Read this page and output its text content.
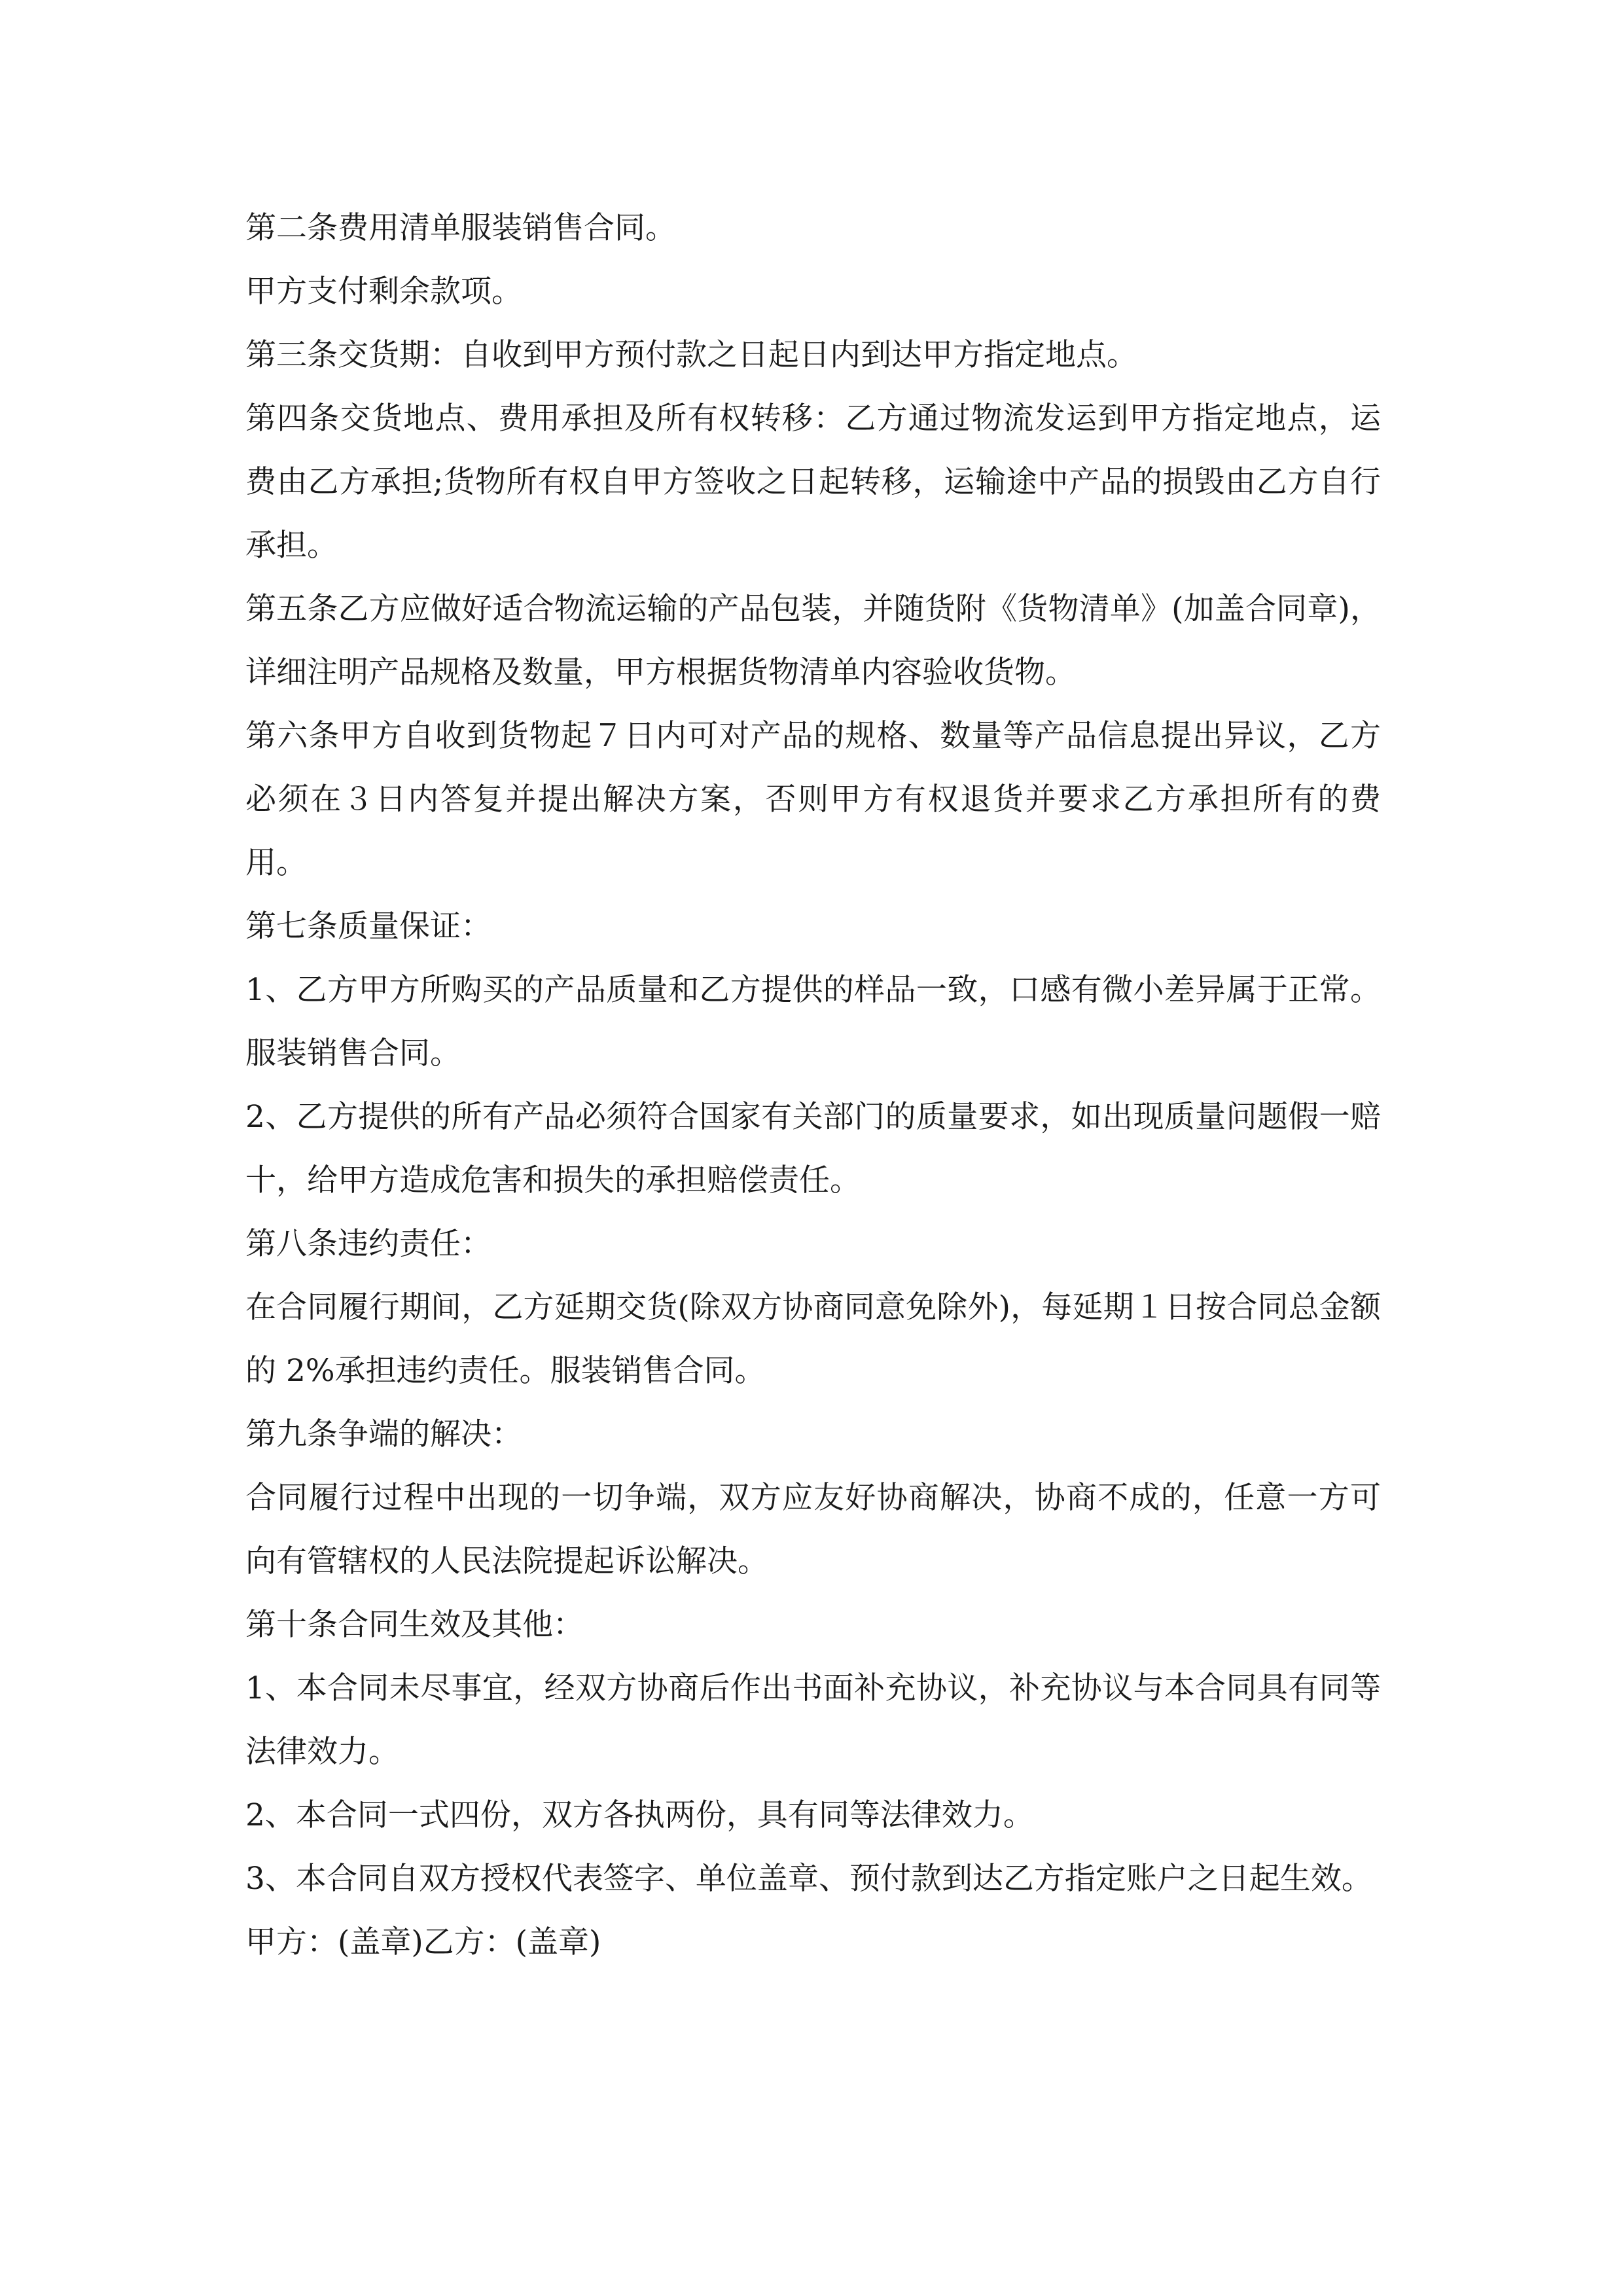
第二条费用清单服装销售合同。

甲方支付剩余款项。

第三条交货期：自收到甲方预付款之日起日内到达甲方指定地点。

第四条交货地点、费用承担及所有权转移：乙方通过物流发运到甲方指定地点，运费由乙方承担;货物所有权自甲方签收之日起转移，运输途中产品的损毁由乙方自行承担。

第五条乙方应做好适合物流运输的产品包装，并随货附《货物清单》(加盖合同章)，详细注明产品规格及数量，甲方根据货物清单内容验收货物。

第六条甲方自收到货物起７日内可对产品的规格、数量等产品信息提出异议，乙方必须在３日内答复并提出解决方案，否则甲方有权退货并要求乙方承担所有的费用。

第七条质量保证：

1、乙方甲方所购买的产品质量和乙方提供的样品一致，口感有微小差异属于正常。服装销售合同。

2、乙方提供的所有产品必须符合国家有关部门的质量要求，如出现质量问题假一赔十，给甲方造成危害和损失的承担赔偿责任。

第八条违约责任：

在合同履行期间，乙方延期交货(除双方协商同意免除外)，每延期１日按合同总金额的 2%承担违约责任。服装销售合同。

第九条争端的解决：

合同履行过程中出现的一切争端，双方应友好协商解决，协商不成的，任意一方可向有管辖权的人民法院提起诉讼解决。

第十条合同生效及其他：

1、本合同未尽事宜，经双方协商后作出书面补充协议，补充协议与本合同具有同等法律效力。

2、本合同一式四份，双方各执两份，具有同等法律效力。

3、本合同自双方授权代表签字、单位盖章、预付款到达乙方指定账户之日起生效。

甲方：(盖章)乙方：(盖章)
